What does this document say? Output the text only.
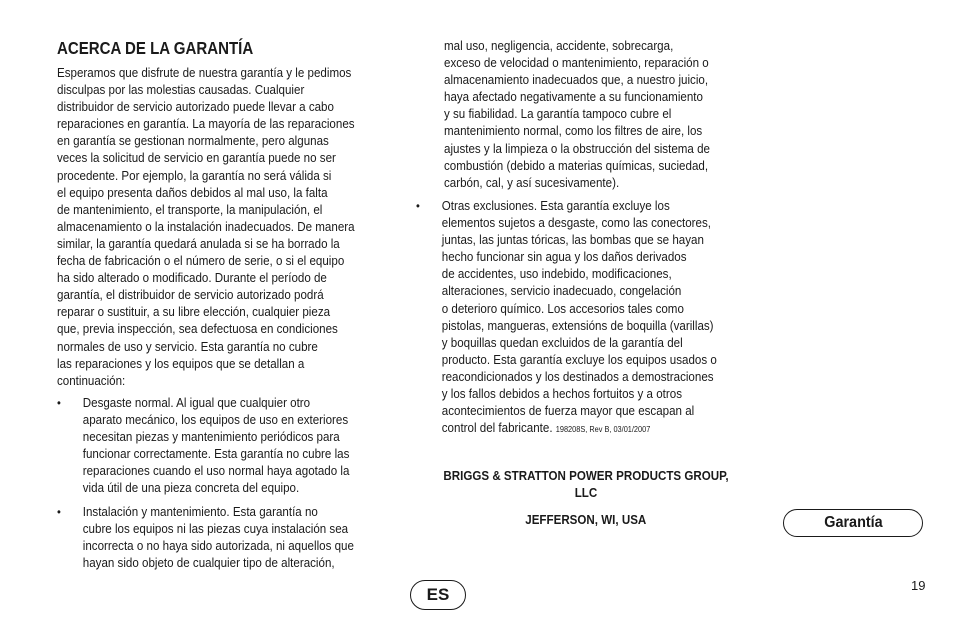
ACERCA DE LA GARANTÍA
Esperamos que disfrute de nuestra garantía y le pedimos
disculpas por las molestias causadas. Cualquier
distribuidor de servicio autorizado puede llevar a cabo
reparaciones en garantía. La mayoría de las reparaciones
en garantía se gestionan normalmente, pero algunas
veces la solicitud de servicio en garantía puede no ser
procedente. Por ejemplo, la garantía no será válida si
el equipo presenta daños debidos al mal uso, la falta
de mantenimiento, el transporte, la manipulación, el
almacenamiento o la instalación inadecuados. De manera
similar, la garantía quedará anulada si se ha borrado la
fecha de fabricación o el número de serie, o si el equipo
ha sido alterado o modificado. Durante el período de
garantía, el distribuidor de servicio autorizado podrá
reparar o sustituir, a su libre elección, cualquier pieza
que, previa inspección, sea defectuosa en condiciones
normales de uso y servicio. Esta garantía no cubre
las reparaciones y los equipos que se detallan a
continuación:
• Desgaste normal. Al igual que cualquier otro
aparato mecánico, los equipos de uso en exteriores
necesitan piezas y mantenimiento periódicos para
funcionar correctamente. Esta garantía no cubre las
reparaciones cuando el uso normal haya agotado la
vida útil de una pieza concreta del equipo.
• Instalación y mantenimiento. Esta garantía no
cubre los equipos ni las piezas cuya instalación sea
incorrecta o no haya sido autorizada, ni aquellos que
hayan sido objeto de cualquier tipo de alteración,
mal uso, negligencia, accidente, sobrecarga,
exceso de velocidad o mantenimiento, reparación o
almacenamiento inadecuados que, a nuestro juicio,
haya afectado negativamente a su funcionamiento
y su fiabilidad. La garantía tampoco cubre el
mantenimiento normal, como los filtres de aire, los
ajustes y la limpieza o la obstrucción del sistema de
combustión (debido a materias químicas, suciedad,
carbón, cal, y así sucesivamente).
• Otras exclusiones. Esta garantía excluye los
elementos sujetos a desgaste, como las conectores,
juntas, las juntas tóricas, las bombas que se hayan
hecho funcionar sin agua y los daños derivados
de accidentes, uso indebido, modificaciones,
alteraciones, servicio inadecuado, congelación
o deterioro químico. Los accesorios tales como
pistolas, mangueras, extensións de boquilla (varillas)
y boquillas quedan excluidos de la garantía del
producto. Esta garantía excluye los equipos usados o
reacondicionados y los destinados a demostraciones
y los fallos debidos a hechos fortuitos y a otros
acontecimientos de fuerza mayor que escapan al
control del fabricante. 198208S, Rev B, 03/01/2007
BRIGGS & STRATTON POWER PRODUCTS GROUP,
LLC
JEFFERSON, WI, USA	Garantía
ES	19
